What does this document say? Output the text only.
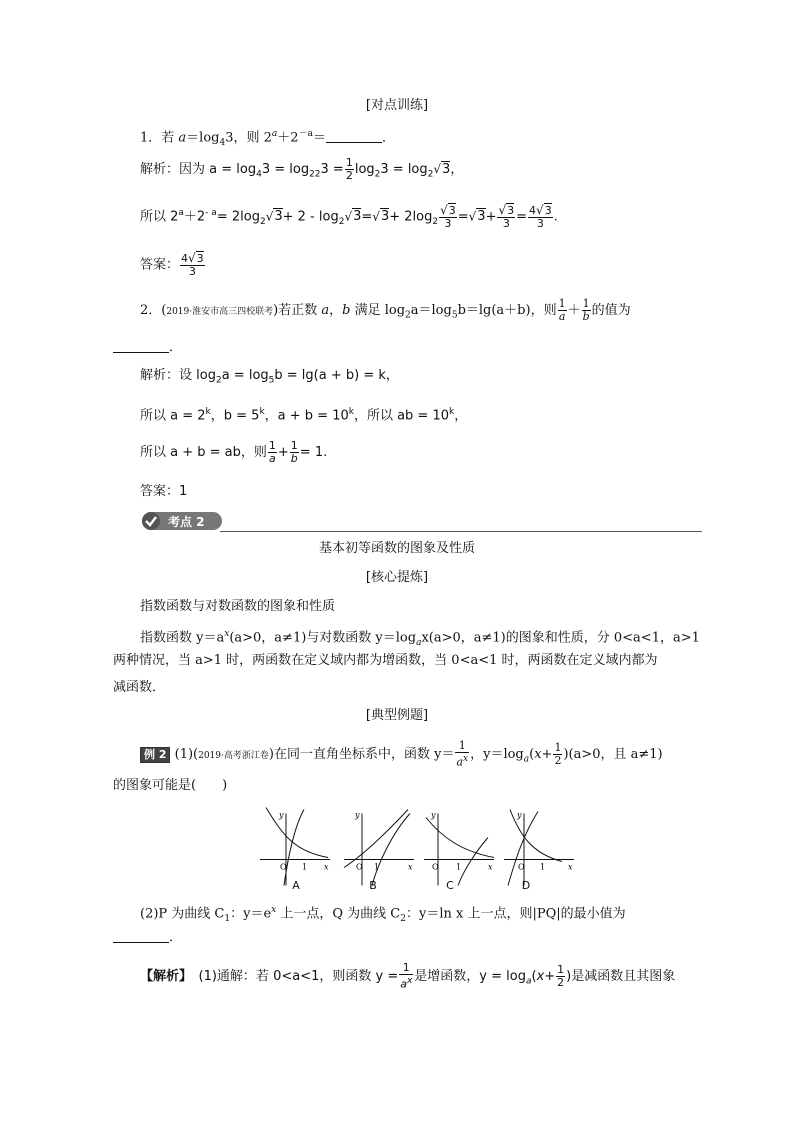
[对点训练]
1．若 $a=\log_43$，则 $2^a+2^{-a}=$	．
解析：因为 $a = \log_43 = \log_{22}3 = \frac{1}{2} \log_23 = \log_2√3$，
所以 $2^a+2^{- a}= 2\log_2√3+ 2 - \log_2√3=√3+ 2\log_2 \frac{√3}{3} =√3+ \frac{√3}{3} = \frac{4√3}{3}$ .
答案： $\frac{4√3}{3}$
2．(2019·淮安市高三四校联考)若正数 a，b 满足 $\log_2a=\log_5b=\lg(a+b)$，则 $\frac{1}{a} + \frac{1}{b}$ 的值为
．
解析：设 $\log_2a = \log_5b = \lg(a + b) = k$，
所以 $a = 2^k$，$b = 5^k$，$a + b = 10^k$，所以 ab = $10^k$，
所以 a + b = ab，则 $\frac{1}{a} + \frac{1}{b} = 1$.
答案：1
考点 2
基本初等函数的图象及性质
[核心提炼]
指数函数与对数函数的图象和性质
指数函数 $y=a^x(a>0$，a≠1)与对数函数 $y=\log_ax(a>0$，a≠1)的图象和性质，分 0<a<1，a>1
两种情况，当 a>1 时，两函数在定义域内都为增函数，当 0<a<1 时，两函数在定义域内都为
减函数．
[典型例题]
例 2 (1)(2019·高考浙江卷)在同一直角坐标系中，函数 $y= \frac{1}{a^x}$ ，$y=\log_a(x+ \frac{1}{2} )(a>0$，且 a≠1)
的图象可能是(　　)
O 1 x
y
O 1	x
y
O 1	x
y
O 1	x
y
A	B	C	D
(2)P 为曲线 $C_1$：$y=e^x$ 上一点，Q 为曲线 $C_2$：y＝ln x 上一点，则|PQ|的最小值为
．
【解析】　(1)通解：若 0<a<1，则函数 $y = \frac{1}{a^x}$ 是增函数，$y = \log_a(x+ \frac{1}{2}$ )是减函数且其图象
